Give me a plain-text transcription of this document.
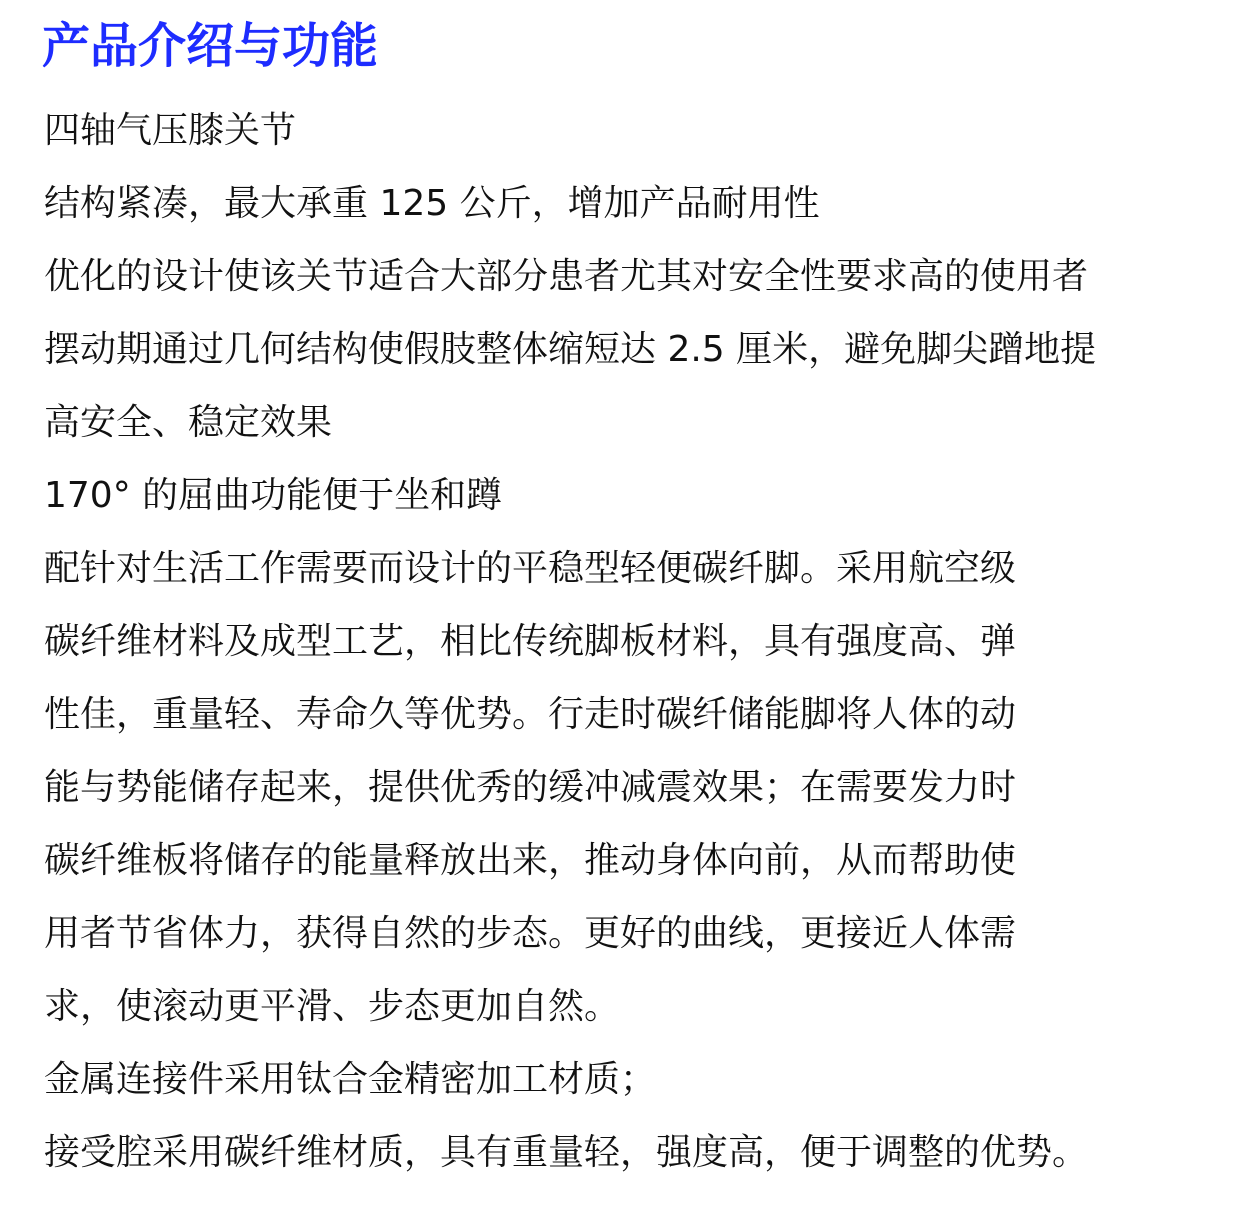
产品介绍与功能

四轴气压膝关节

结构紧凑，最大承重 125 公斤，增加产品耐用性

优化的设计使该关节适合大部分患者尤其对安全性要求高的使用者

摆动期通过几何结构使假肢整体缩短达 2.5 厘米，避免脚尖蹭地提

高安全、稳定效果

170° 的屈曲功能便于坐和蹲

配针对生活工作需要而设计的平稳型轻便碳纤脚。采用航空级

碳纤维材料及成型工艺，相比传统脚板材料，具有强度高、弹

性佳，重量轻、寿命久等优势。行走时碳纤储能脚将人体的动

能与势能储存起来，提供优秀的缓冲减震效果；在需要发力时

碳纤维板将储存的能量释放出来，推动身体向前，从而帮助使

用者节省体力，获得自然的步态。更好的曲线，更接近人体需

求，使滚动更平滑、步态更加自然。

金属连接件采用钛合金精密加工材质；

接受腔采用碳纤维材质，具有重量轻，强度高，便于调整的优势。
